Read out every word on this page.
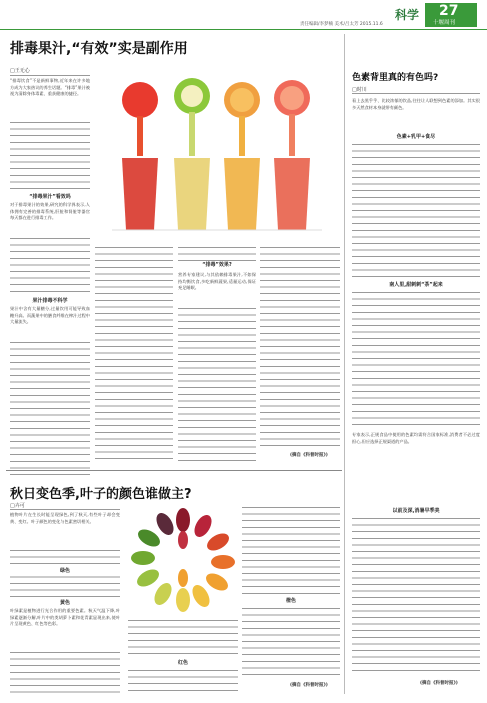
科学 27
十堰周刊
责任编辑/李梦楠 美术/吕太芳 2015.11.6
排毒果汁,“有效”实是副作用
□王无心
“排毒饮食”不是新鲜事物,近年来在许多地方成为大家热议的养生话题。“排毒”果汁被视为清除身体毒素、重获健康的捷径。
“排毒果汁”看效吗
对于排毒果汁的效果,研究的科学界表示,人体拥有完善的排毒系统,肝脏和肾脏等器官每天都在进行排毒工作。
果汁排毒不科学
果汁中含有大量糖分,过量饮用可能导致血糖升高。而蔬果中的膳食纤维在榨汁过程中大量流失。
“排毒”效果?
营养专家建议,与其依赖排毒果汁,不如保持均衡饮食,多吃新鲜蔬果,适量运动,保证充足睡眠。
(摘自《科普时报》)
色素背里真的有色吗?
□时川
看上去黑乎乎、比较浓郁的饮品,往往让人联想到色素的添加。其实很多天然食材本身就带有颜色。
色素+乳甲+食尽
南人里,甜刺刺“茶”起来
以前及深,消暑早季美
专家表示,正规食品中使用的色素均需符合国家标准,消费者不必过度担心,但应选择正规渠道的产品。
(摘自《科普时报》)
秋日变色季,叶子的颜色谁做主?
□卉可
植物叶片在生长时能呈现绿色,到了秋天,有些叶子却会变黄、变红。叶子颜色的变化与色素密切相关。
绿色
黄色
叶绿素是植物进行光合作用的重要色素。秋天气温下降,叶绿素逐渐分解,叶片中的类胡萝卜素和花青素显现出来,使叶片呈现黄色、红色等色彩。
红色
橙色
(摘自《科普时报》)
